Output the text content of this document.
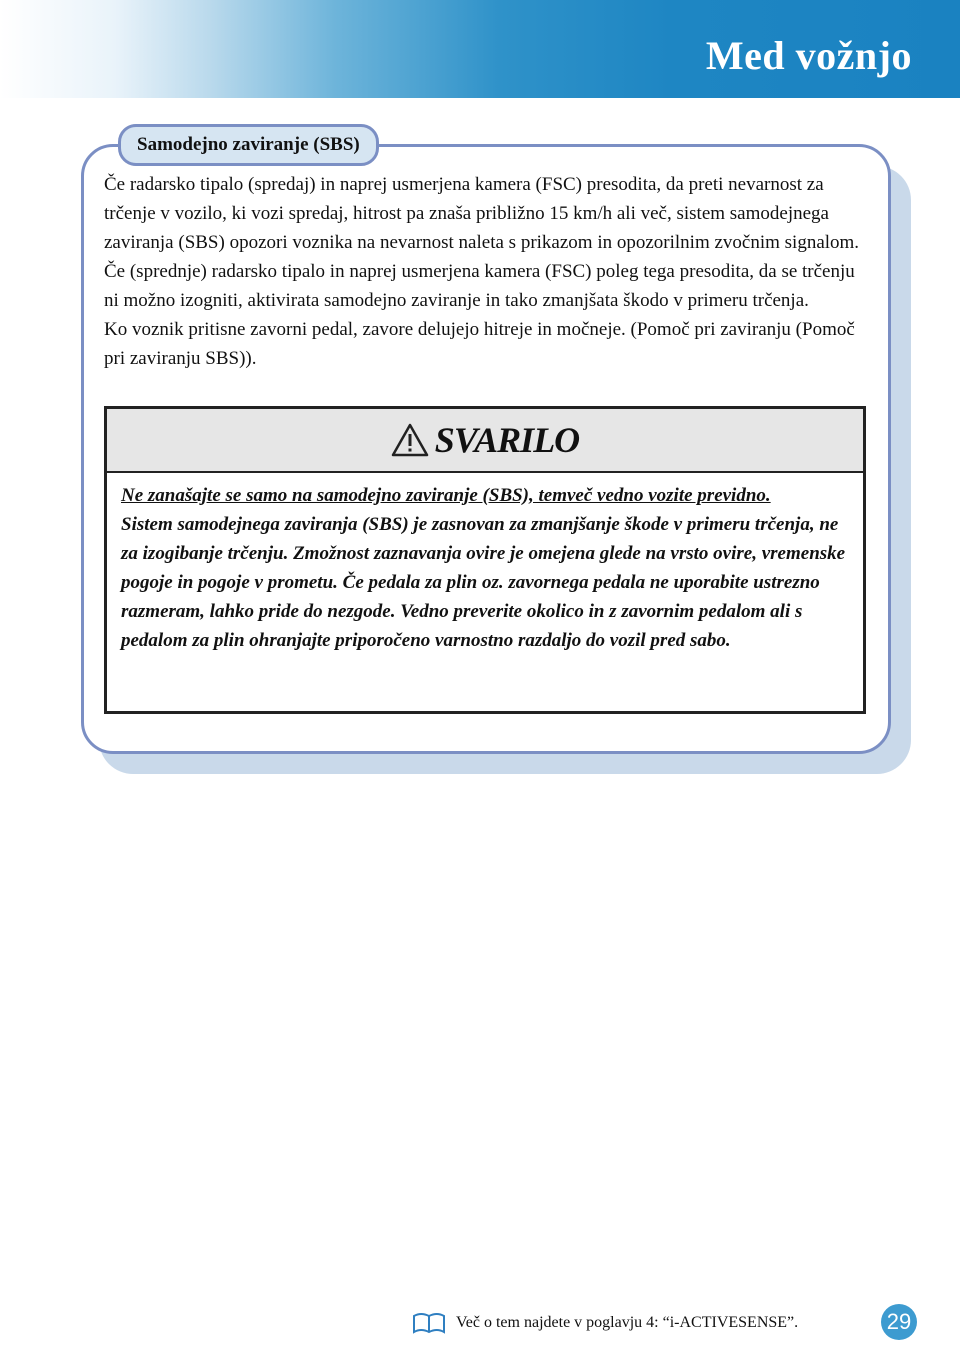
Med vožnjo
Samodejno zaviranje (SBS)

Če radarsko tipalo (spredaj) in naprej usmerjena kamera (FSC) presodita, da preti nevarnost za trčenje v vozilo, ki vozi spredaj, hitrost pa znaša približno 15 km/h ali več, sistem samodejnega zaviranja (SBS) opozori voznika na nevarnost naleta s prikazom in opozorilnim zvočnim signalom. Če (sprednje) radarsko tipalo in naprej usmerjena kamera (FSC) poleg tega presodita, da se trčenju ni možno izogniti, aktivirata samodejno zaviranje in tako zmanjšata škodo v primeru trčenja.

Ko voznik pritisne zavorni pedal, zavore delujejo hitreje in močneje. (Pomoč pri zaviranju (Pomoč pri zaviranju SBS)).

SVARILO

Ne zanašajte se samo na samodejno zaviranje (SBS), temveč vedno vozite previdno.

Sistem samodejnega zaviranja (SBS) je zasnovan za zmanjšanje škode v primeru trčenja, ne za izogibanje trčenju. Zmožnost zaznavanja ovire je omejena glede na vrsto ovire, vremenske pogoje in pogoje v prometu. Če pedala za plin oz. zavornega pedala ne uporabite ustrezno razmeram, lahko pride do nezgode. Vedno preverite okolico in z zavornim pedalom ali s pedalom za plin ohranjajte priporočeno varnostno razdaljo do vozil pred sabo.

Več o tem najdete v poglavju 4: “i-ACTIVESENSE”.	29
